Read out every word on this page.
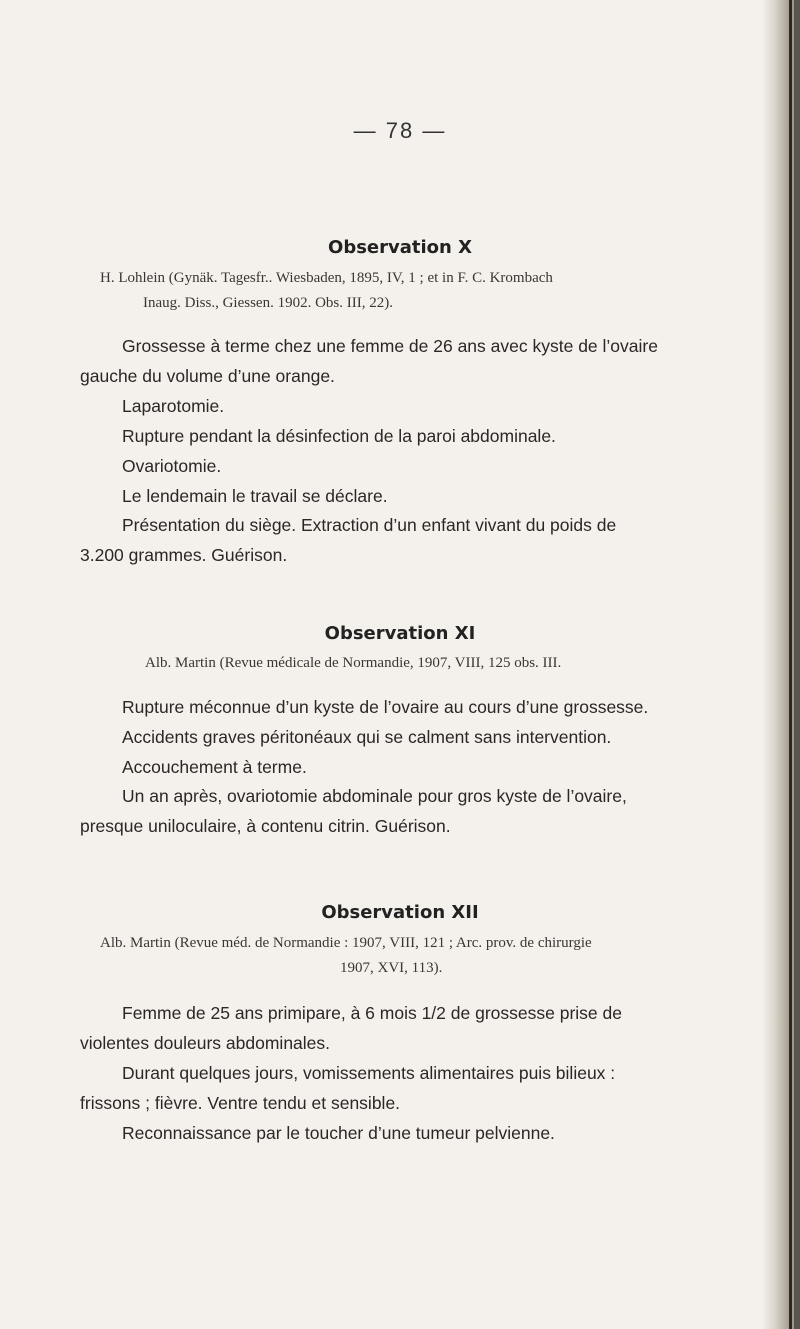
— 78 —
Observation X
H. Lohlein (Gynäk. Tagesfr.. Wiesbaden, 1895, IV, 1 ; et in F. C. Krombach
Inaug. Diss., Giessen. 1902. Obs. III, 22).
Grossesse à terme chez une femme de 26 ans avec kyste de l’ovaire
gauche du volume d’une orange.
Laparotomie.
Rupture pendant la désinfection de la paroi abdominale.
Ovariotomie.
Le lendemain le travail se déclare.
Présentation du siège. Extraction d’un enfant vivant du poids de
3.200 grammes. Guérison.
Observation XI
Alb. Martin (Revue médicale de Normandie, 1907, VIII, 125 obs. III.
Rupture méconnue d’un kyste de l’ovaire au cours d’une grossesse.
Accidents graves péritonéaux qui se calment sans intervention.
Accouchement à terme.
Un an après, ovariotomie abdominale pour gros kyste de l’ovaire,
presque uniloculaire, à contenu citrin. Guérison.
Observation XII
Alb. Martin (Revue méd. de Normandie : 1907, VIII, 121 ; Arc. prov. de chirurgie
1907, XVI, 113).
Femme de 25 ans primipare, à 6 mois 1/2 de grossesse prise de
violentes douleurs abdominales.
Durant quelques jours, vomissements alimentaires puis bilieux :
frissons ; fièvre. Ventre tendu et sensible.
Reconnaissance par le toucher d’une tumeur pelvienne.
